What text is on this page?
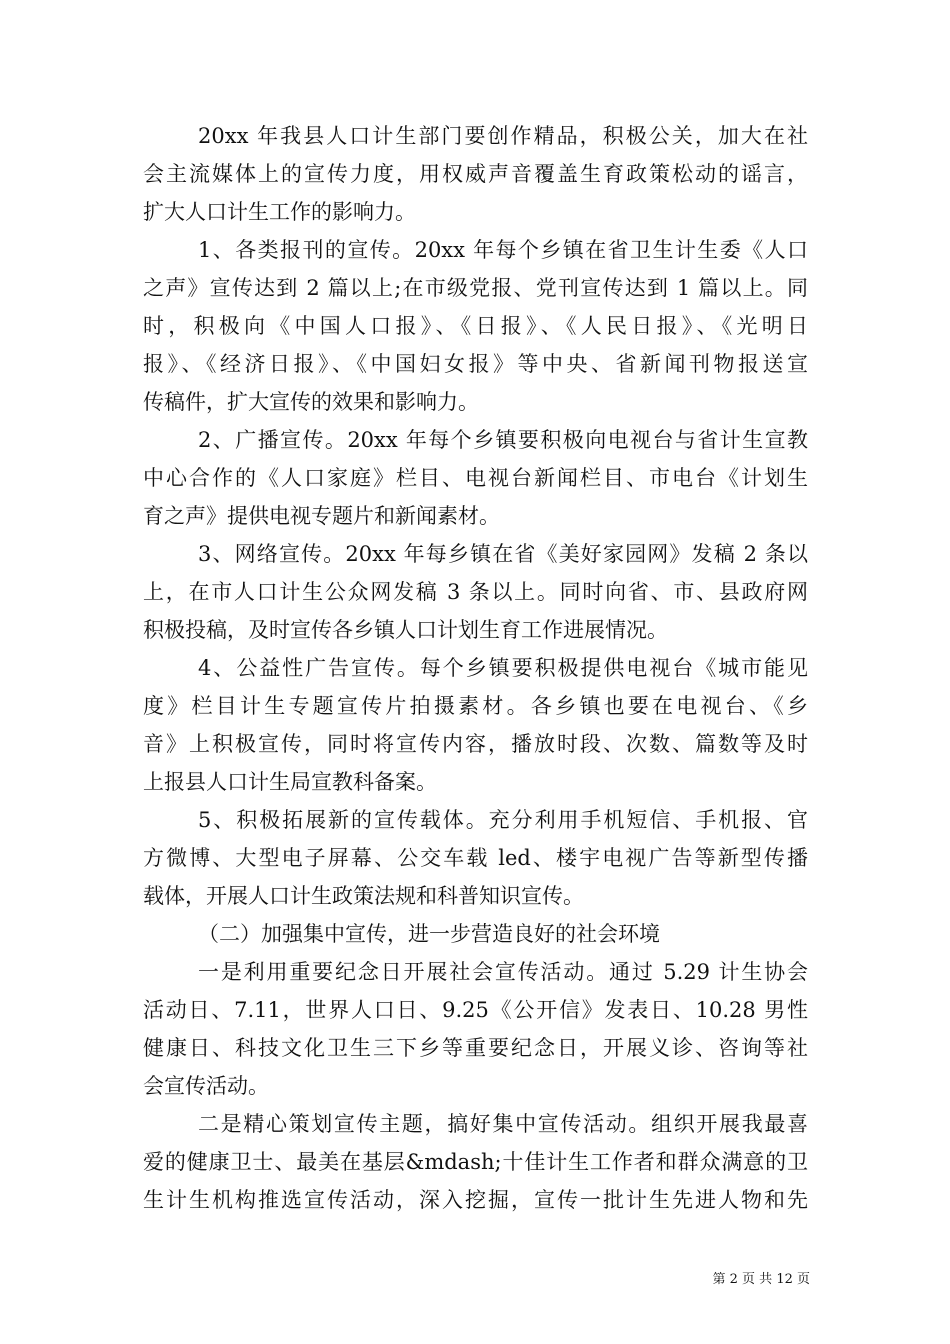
20xx 年我县人口计生部门要创作精品，积极公关，加大在社
会主流媒体上的宣传力度，用权威声音覆盖生育政策松动的谣言，
扩大人口计生工作的影响力。
1、各类报刊的宣传。20xx 年每个乡镇在省卫生计生委《人口
之声》宣传达到 2 篇以上;在市级党报、党刊宣传达到 1 篇以上。同
时，积极向《中国人口报》、《日报》、《人民日报》、《光明日
报》、《经济日报》、《中国妇女报》等中央、省新闻刊物报送宣
传稿件，扩大宣传的效果和影响力。
2、广播宣传。20xx 年每个乡镇要积极向电视台与省计生宣教
中心合作的《人口家庭》栏目、电视台新闻栏目、市电台《计划生
育之声》提供电视专题片和新闻素材。
3、网络宣传。20xx 年每乡镇在省《美好家园网》发稿 2 条以
上，在市人口计生公众网发稿 3 条以上。同时向省、市、县政府网
积极投稿，及时宣传各乡镇人口计划生育工作进展情况。
4、公益性广告宣传。每个乡镇要积极提供电视台《城市能见
度》栏目计生专题宣传片拍摄素材。各乡镇也要在电视台、《乡
音》上积极宣传，同时将宣传内容，播放时段、次数、篇数等及时
上报县人口计生局宣教科备案。
5、积极拓展新的宣传载体。充分利用手机短信、手机报、官
方微博、大型电子屏幕、公交车载 led、楼宇电视广告等新型传播
载体，开展人口计生政策法规和科普知识宣传。
（二）加强集中宣传，进一步营造良好的社会环境
一是利用重要纪念日开展社会宣传活动。通过 5.29 计生协会
活动日、7.11，世界人口日、9.25《公开信》发表日、10.28 男性
健康日、科技文化卫生三下乡等重要纪念日，开展义诊、咨询等社
会宣传活动。
二是精心策划宣传主题，搞好集中宣传活动。组织开展我最喜
爱的健康卫士、最美在基层&mdash;十佳计生工作者和群众满意的卫
生计生机构推选宣传活动，深入挖掘，宣传一批计生先进人物和先
第 2 页 共 12 页
